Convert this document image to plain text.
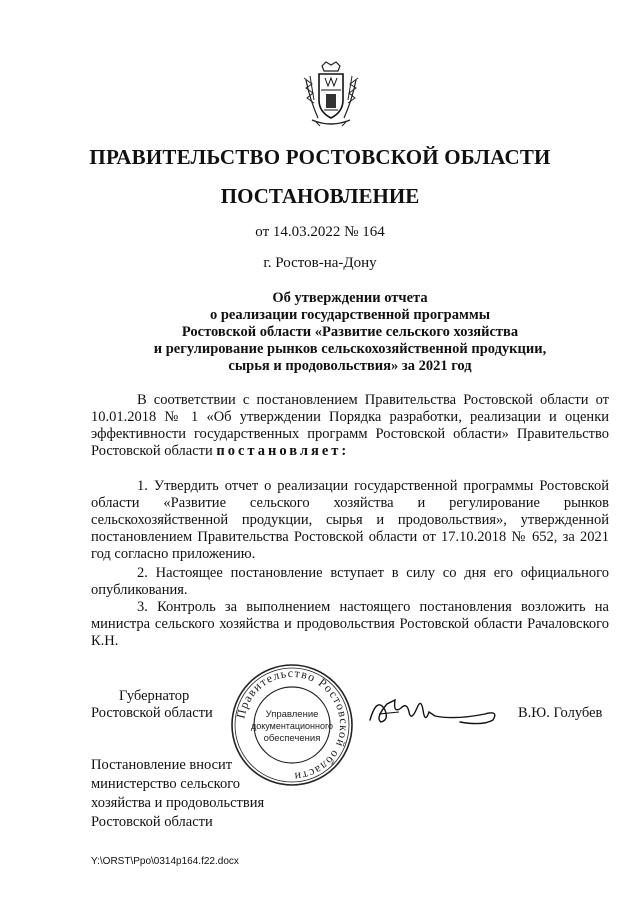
ПРАВИТЕЛЬСТВО РОСТОВСКОЙ ОБЛАСТИ
ПОСТАНОВЛЕНИЕ
от 14.03.2022 № 164
г. Ростов-на-Дону
Об утверждении отчета
о реализации государственной программы
Ростовской области «Развитие сельского хозяйства
и регулирование рынков сельскохозяйственной продукции,
сырья и продовольствия» за 2021 год
В соответствии с постановлением Правительства Ростовской области от 10.01.2018 № 1 «Об утверждении Порядка разработки, реализации и оценки эффективности государственных программ Ростовской области» Правительство Ростовской области постановляет:
1. Утвердить отчет о реализации государственной программы Ростовской области «Развитие сельского хозяйства и регулирование рынков сельскохозяйственной продукции, сырья и продовольствия», утвержденной постановлением Правительства Ростовской области от 17.10.2018 № 652, за 2021 год согласно приложению.
2. Настоящее постановление вступает в силу со дня его официального опубликования.
3. Контроль за выполнением настоящего постановления возложить на министра сельского хозяйства и продовольствия Ростовской области Рачаловского К.Н.
Губернатор
Ростовской области Правительство Ростовской области
Управление
документационного
обеспечения
В.Ю. Голубев
Постановление вносит
министерство сельского
хозяйства и продовольствия
Ростовской области
Y:\ORST\Ppo\0314p164.f22.docx
